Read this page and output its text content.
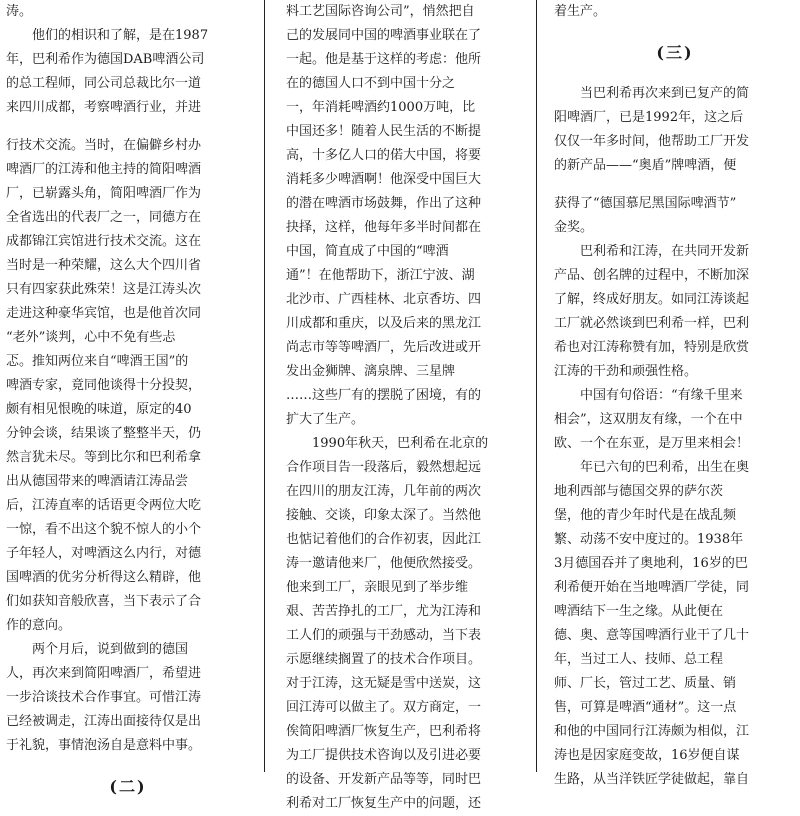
涛。
他们的相识和了解，是在1987
年，巴利希作为德国DAB啤酒公司
的总工程师，同公司总裁比尔一道
来四川成都，考察啤酒行业，并进
行技术交流。当时，在偏僻乡村办
啤酒厂的江涛和他主持的简阳啤酒
厂，已崭露头角，简阳啤酒厂作为
全省选出的代表厂之一，同德方在
成都锦江宾馆进行技术交流。这在
当时是一种荣耀，这么大个四川省
只有四家获此殊荣！这是江涛头次
走进这种豪华宾馆，也是他首次同
“老外”谈判，心中不免有些忐
忑。推知两位来自“啤酒王国”的
啤酒专家，竟同他谈得十分投契，
颇有相见恨晚的味道，原定的40
分钟会谈，结果谈了整整半天，仍
然言犹未尽。等到比尔和巴利希拿
出从德国带来的啤酒请江涛品尝
后，江涛直率的话语更令两位大吃
一惊，看不出这个貌不惊人的小个
子年轻人，对啤酒这么内行，对德
国啤酒的优劣分析得这么精辟，他
们如获知音般欣喜，当下表示了合
作的意向。
两个月后，说到做到的德国
人，再次来到简阳啤酒厂，希望进
一步洽谈技术合作事宜。可惜江涛
已经被调走，江涛出面接待仅是出
于礼貌，事情泡汤自是意料中事。
(二)
料工艺国际咨询公司”，悄然把自
己的发展同中国的啤酒事业联在了
一起。他是基于这样的考虑：他所
在的德国人口不到中国十分之
一，年消耗啤酒约1000万吨，比
中国还多！随着人民生活的不断提
高，十多亿人口的偌大中国，将要
消耗多少啤酒啊！他深受中国巨大
的潜在啤酒市场鼓舞，作出了这种
抉择，这样，他每年多半时间都在
中国，简直成了中国的“啤酒
通”！在他帮助下，浙江宁波、湖
北沙市、广西桂林、北京香坊、四
川成都和重庆，以及后来的黑龙江
尚志市等等啤酒厂，先后改进或开
发出金狮牌、漓泉牌、三星牌
……这些厂有的摆脱了困境，有的
扩大了生产。
1990年秋天，巴利希在北京的
合作项目告一段落后，毅然想起远
在四川的朋友江涛，几年前的两次
接触、交谈，印象太深了。当然他
也惦记着他们的合作初衷，因此江
涛一邀请他来厂，他便欣然接受。
他来到工厂，亲眼见到了举步维
艰、苦苦挣扎的工厂，尤为江涛和
工人们的顽强与干劲感动，当下表
示愿继续搁置了的技术合作项目。
对于江涛，这无疑是雪中送炭，这
回江涛可以做主了。双方商定，一
俟简阳啤酒厂恢复生产，巴利希将
为工厂提供技术咨询以及引进必要
的设备、开发新产品等等，同时巴
利希对工厂恢复生产中的问题，还
着生产。
(三)
当巴利希再次来到已复产的简
阳啤酒厂，已是1992年，这之后
仅仅一年多时间，他帮助工厂开发
的新产品——“奥盾”牌啤酒，便
获得了“德国慕尼黑国际啤酒节”
金奖。
巴利希和江涛，在共同开发新
产品、创名牌的过程中，不断加深
了解，终成好朋友。如同江涛谈起
工厂就必然谈到巴利希一样，巴利
希也对江涛称赞有加，特别是欣赏
江涛的干劲和顽强性格。
中国有句俗语：“有缘千里来
相会”，这双朋友有缘，一个在中
欧、一个在东亚，是万里来相会！
年已六旬的巴利希，出生在奥
地利西部与德国交界的萨尔茨
堡，他的青少年时代是在战乱频
繁、动荡不安中度过的。1938年
3月德国吞并了奥地利，16岁的巴
利希便开始在当地啤酒厂学徒，同
啤酒结下一生之缘。从此便在
德、奥、意等国啤酒行业干了几十
年，当过工人、技师、总工程
师、厂长，管过工艺、质量、销
售，可算是啤酒“通材”。这一点
和他的中国同行江涛颇为相似，江
涛也是因家庭变故，16岁便自谋
生路，从当洋铁匠学徒做起，靠自
